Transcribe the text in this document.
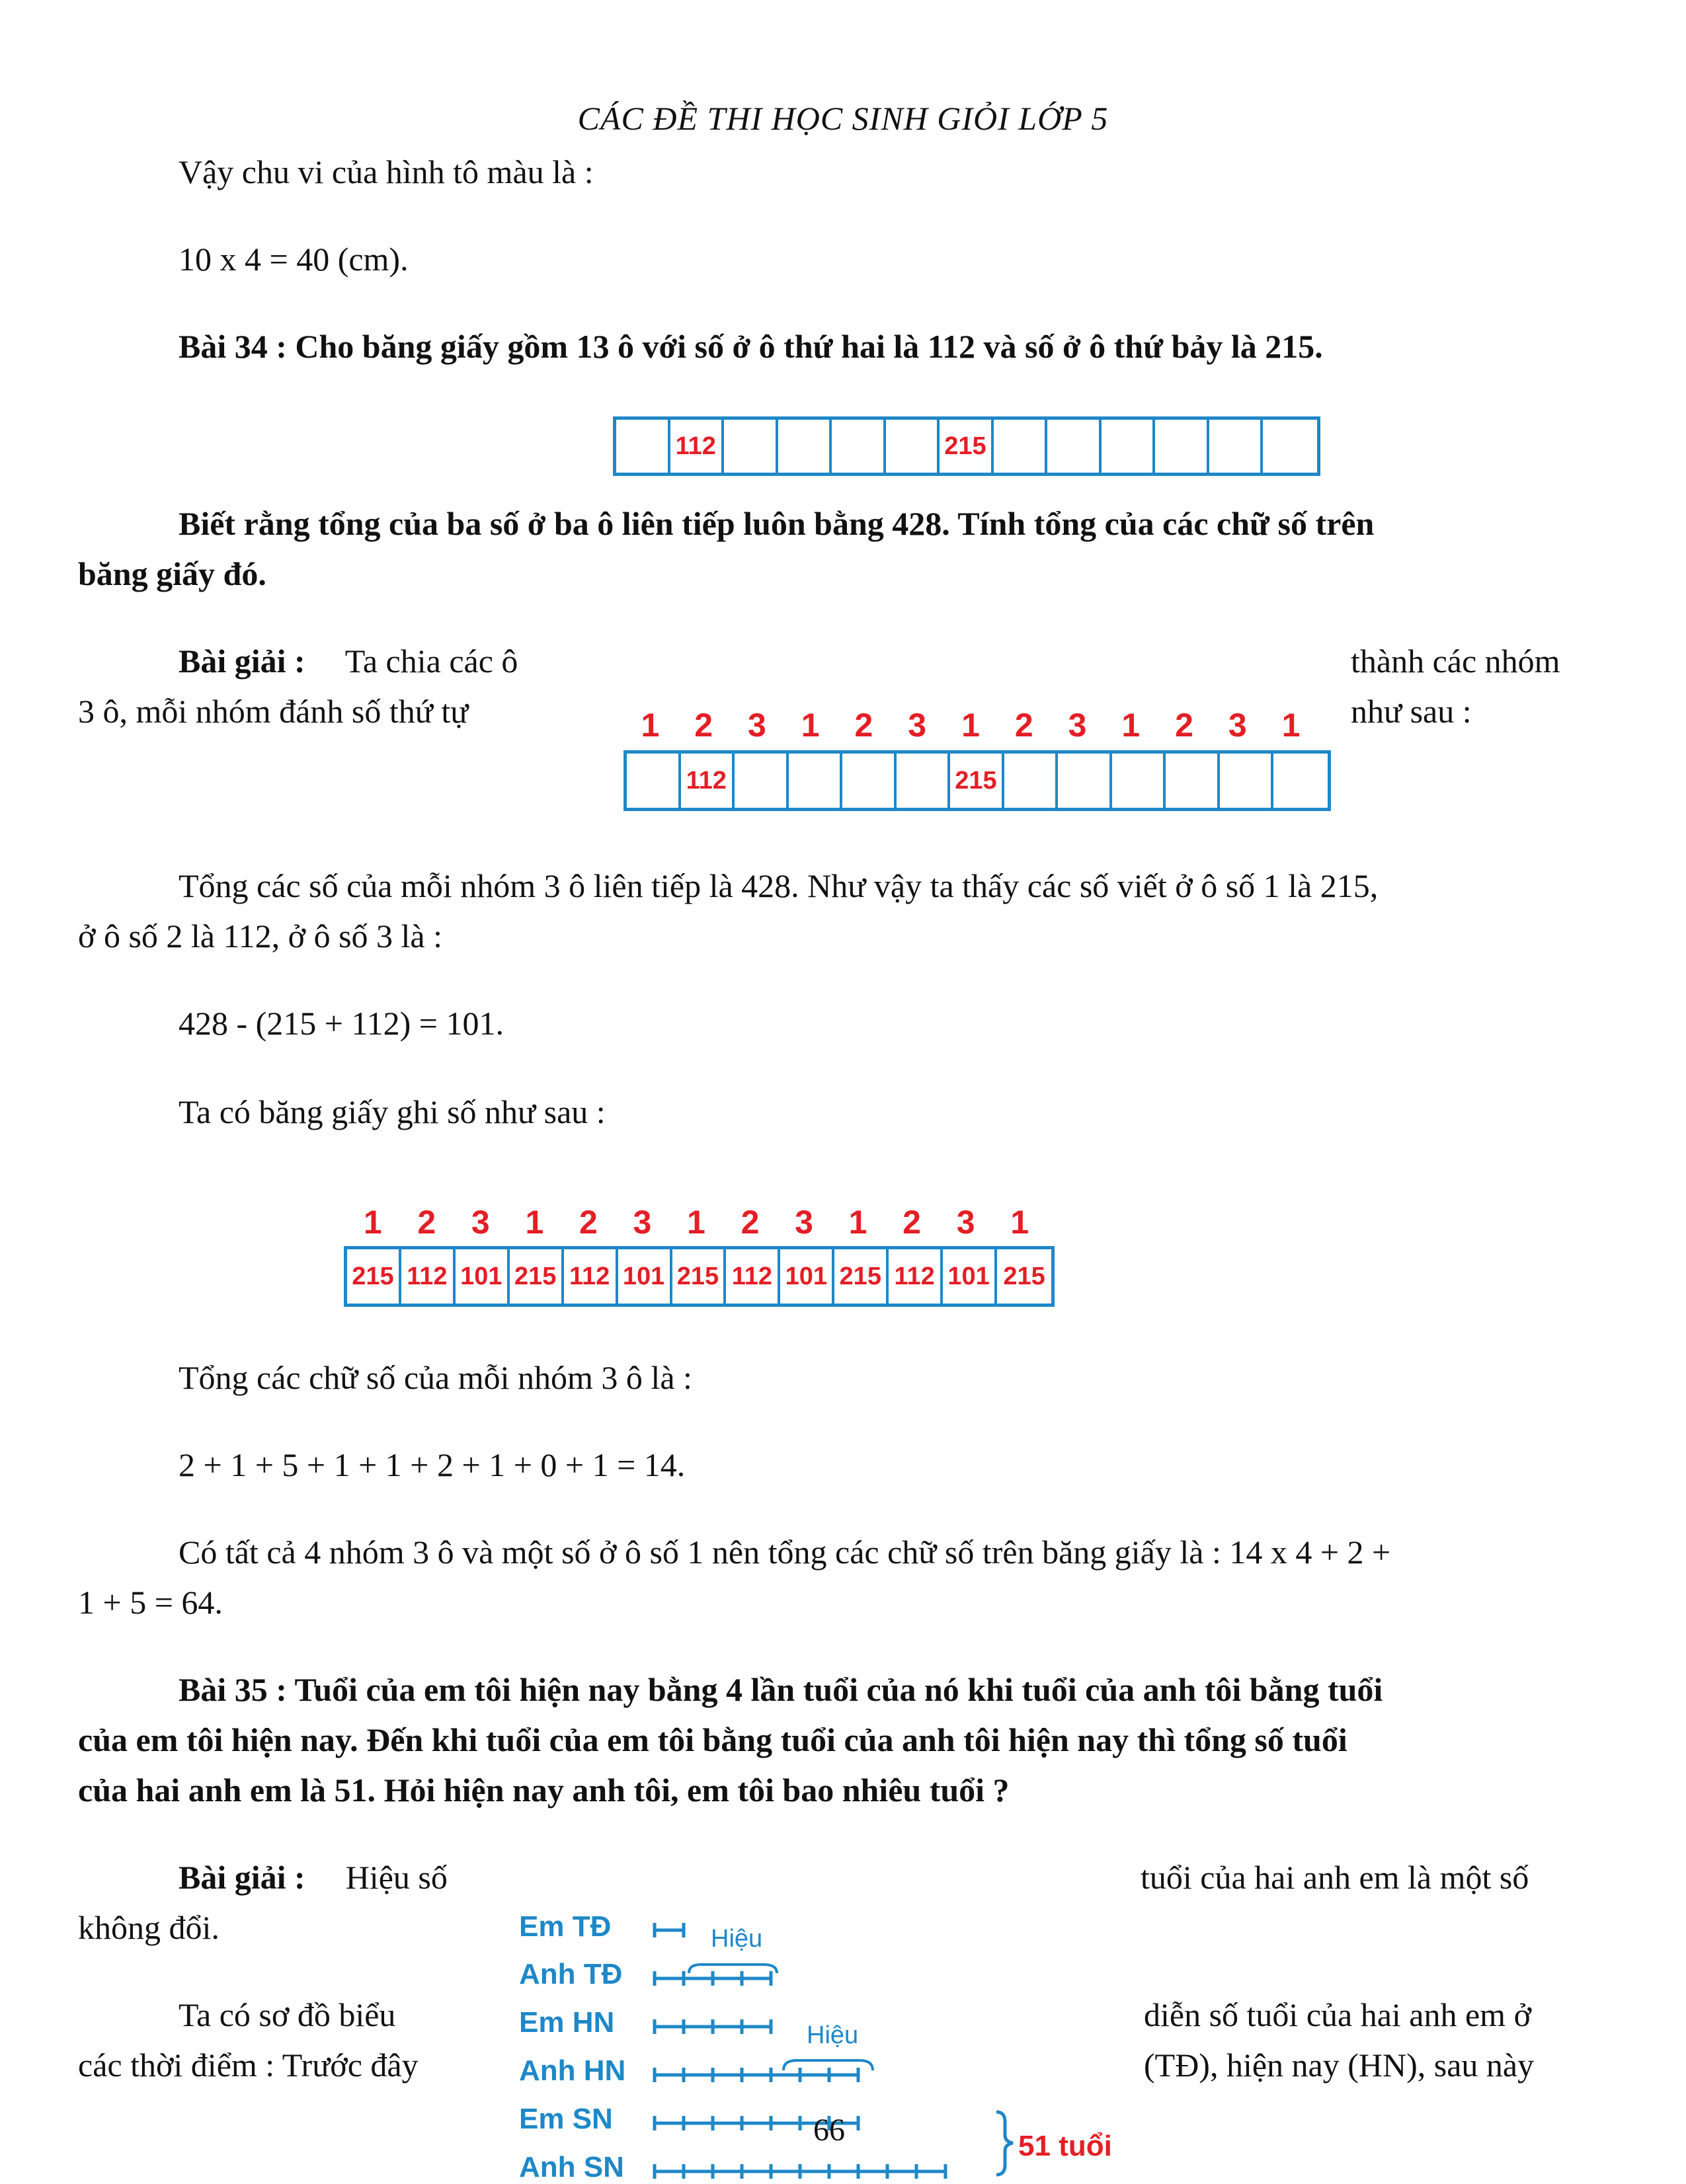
CÁC ĐỀ THI HỌC SINH GIỎI LỚP 5
Vậy chu vi của hình tô màu là :
10 x 4 = 40 (cm).
Bài 34 : Cho băng giấy gồm 13 ô với số ở ô thứ hai là 112 và số ở ô thứ bảy là 215.
112	215
Biết rằng tổng của ba số ở ba ô liên tiếp luôn bằng 428. Tính tổng của các chữ số trên
băng giấy đó.
Bài giải : Ta chia các ô	thành các nhóm
3 ô, mỗi nhóm đánh số thứ tự	như sau :
1	2	3	1	2	3	1	2	3	1	2	3	1
112	215
Tổng các số của mỗi nhóm 3 ô liên tiếp là 428. Như vậy ta thấy các số viết ở ô số 1 là 215,
ở ô số 2 là 112, ở ô số 3 là :
428 - (215 + 112) = 101.
Ta có băng giấy ghi số như sau :
1	2	3	1	2	3	1	2	3	1	2	3	1
215 112 101 215 112 101 215 112 101 215 112 101 215
Tổng các chữ số của mỗi nhóm 3 ô là :
2 + 1 + 5 + 1 + 1 + 2 + 1 + 0 + 1 = 14.
Có tất cả 4 nhóm 3 ô và một số ở ô số 1 nên tổng các chữ số trên băng giấy là : 14 x 4 + 2 +
1 + 5 = 64.
Bài 35 : Tuổi của em tôi hiện nay bằng 4 lần tuổi của nó khi tuổi của anh tôi bằng tuổi
của em tôi hiện nay. Đến khi tuổi của em tôi bằng tuổi của anh tôi hiện nay thì tổng số tuổi
của hai anh em là 51. Hỏi hiện nay anh tôi, em tôi bao nhiêu tuổi ?
Bài giải : Hiệu số	tuổi của hai anh em là một số
không đổi.
Ta có sơ đồ biểu	diễn số tuổi của hai anh em ở
các thời điểm : Trước đây	(TĐ), hiện nay (HN), sau này
Em TĐ
Anh TĐ
Em HN
Anh HN
Em SN
Anh SN
Hiệu
Hiệu
51 tuổi
66
